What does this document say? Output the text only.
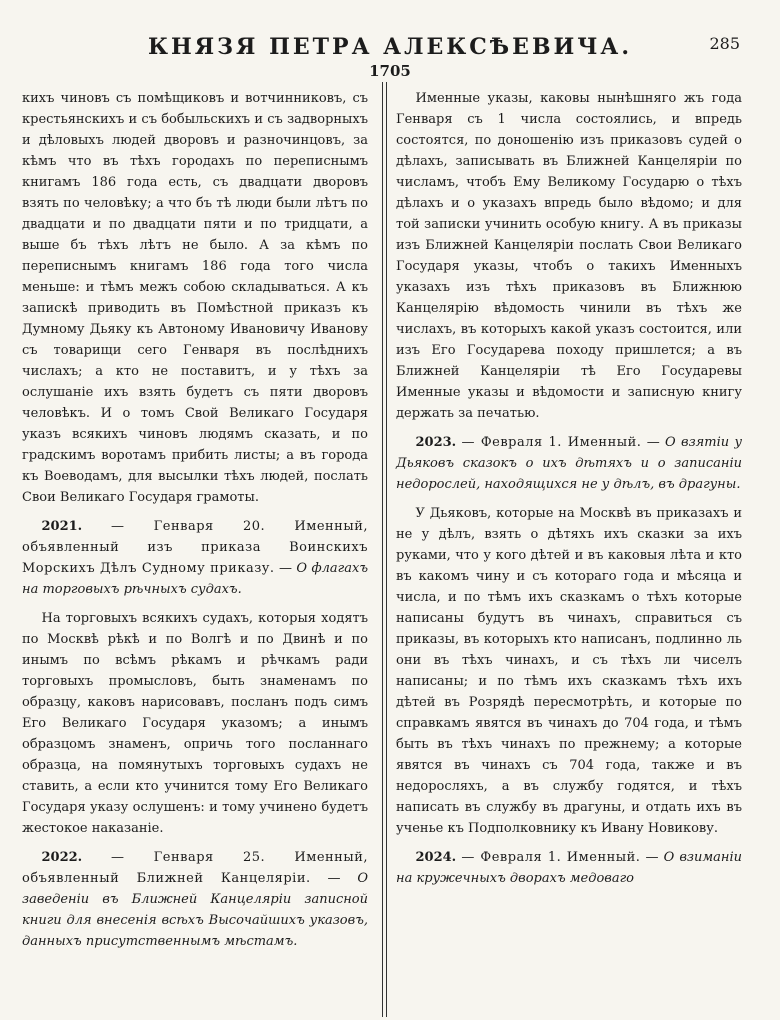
КНЯЗЯ ПЕТРА АЛЕКСѢЕВИЧА.	285
1705

кихъ чиновъ съ помѣщиковъ и вотчинниковъ, съ крестьянскихъ и съ бобыльскихъ и съ задворныхъ и дѣловыхъ людей дворовъ и разночинцовъ, за кѣмъ что въ тѣхъ городахъ по переписнымъ книгамъ 186 года есть, съ двадцати дворовъ взять по человѣку; а что бъ тѣ люди были лѣтъ по двадцати и по двадцати пяти и по тридцати, а выше бъ тѣхъ лѣтъ не было. А за кѣмъ по переписнымъ книгамъ 186 года того числа меньше: и тѣмъ межъ собою складываться. А къ запискѣ приводить въ Помѣстной приказъ къ Думному Дьяку къ Автоному Ивановичу Иванову съ товарищи сего Генваря въ послѣднихъ числахъ; а кто не поставитъ, и у тѣхъ за ослушаніе ихъ взять будетъ съ пяти дворовъ человѣкъ. И о томъ Свой Великаго Государя указъ всякихъ чиновъ людямъ сказать, и по градскимъ воротамъ прибить листы; а въ города къ Воеводамъ, для высылки тѣхъ людей, послать Свои Великаго Государя грамоты.

2021. — Генваря 20. Именный, объявленный изъ приказа Воинскихъ Морскихъ Дѣлъ Судному приказу. — О флагахъ на торговыхъ рѣчныхъ судахъ.

На торговыхъ всякихъ судахъ, которыя ходятъ по Москвѣ рѣкѣ и по Волгѣ и по Двинѣ и по инымъ по всѣмъ рѣкамъ и рѣчкамъ ради торговыхъ промысловъ, быть знаменамъ по образцу, каковъ нарисовавъ, посланъ подъ симъ Его Великаго Государя указомъ; а инымъ образцомъ знаменъ, опричь того посланнаго образца, на помянутыхъ торговыхъ судахъ не ставить, а если кто учинится тому Его Великаго Государя указу ослушенъ: и тому учинено будетъ жестокое наказаніе.

2022. — Генваря 25. Именный, объявленный Ближней Канцелярiи. — О заведенiи въ Ближней Канцелярiи записной книги для внесенiя всѣхъ Высочайшихъ указовъ, данныхъ присутственнымъ мѣстамъ.

Именные указы, каковы нынѣшняго жъ года Генваря съ 1 числа состоялись, и впредь состоятся, по доношенію изъ приказовъ судей о дѣлахъ, записывать въ Ближней Канцеляріи по числамъ, чтобъ Ему Великому Государю о тѣхъ дѣлахъ и о указахъ впредь было вѣдомо; и для той записки учинить особую книгу. А въ приказы изъ Ближней Канцеляріи послать Свои Великаго Государя указы, чтобъ о такихъ Именныхъ указахъ изъ тѣхъ приказовъ въ Ближнюю Канцелярію вѣдомость чинили въ тѣхъ же числахъ, въ которыхъ какой указъ состоится, или изъ Его Государева походу пришлется; а въ Ближней Канцеляріи тѣ Его Государевы Именные указы и вѣдомости и записную книгу держать за печатью.

2023. — Февраля 1. Именный. — О взятiи у Дьяковъ сказокъ о ихъ дѣтяхъ и о записанiи недорослей, находящихся не у дѣлъ, въ драгуны.

У Дьяковъ, которые на Москвѣ въ приказахъ и не у дѣлъ, взять о дѣтяхъ ихъ сказки за ихъ руками, что у кого дѣтей и въ каковыя лѣта и кто въ какомъ чину и съ котораго года и мѣсяца и числа, и по тѣмъ ихъ сказкамъ о тѣхъ которые написаны будутъ въ чинахъ, справиться съ приказы, въ которыхъ кто написанъ, подлинно ль они въ тѣхъ чинахъ, и съ тѣхъ ли чиселъ написаны; и по тѣмъ ихъ сказкамъ тѣхъ ихъ дѣтей въ Розрядѣ пересмотрѣть, и которые по справкамъ явятся въ чинахъ до 704 года, и тѣмъ быть въ тѣхъ чинахъ по прежнему; а которые явятся въ чинахъ съ 704 года, также и въ недоросляхъ, а въ службу годятся, и тѣхъ написать въ службу въ драгуны, и отдать ихъ въ ученье къ Подполковнику къ Ивану Новикову.

2024. — Февраля 1. Именный. — О взиманiи на кружечныхъ дворахъ медоваго
